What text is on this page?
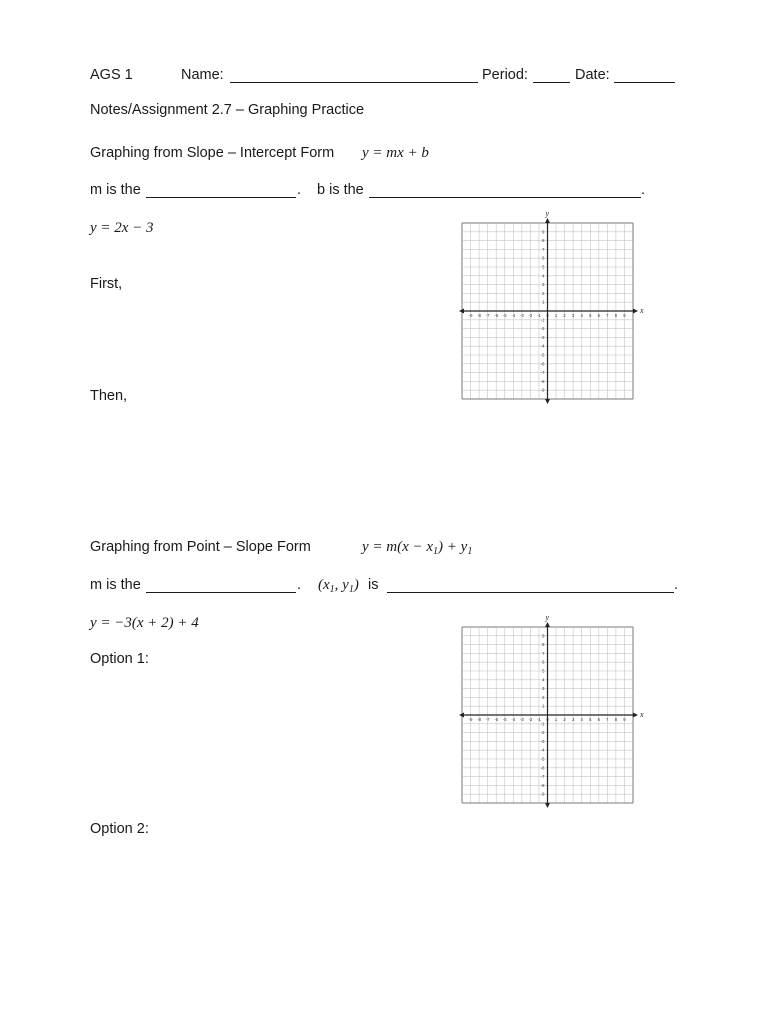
AGS 1	Name:	Period:	Date:
Notes/Assignment 2.7 – Graphing Practice
Graphing from Slope – Intercept Form y = mx + b
m is the	. b is the	.
y = 2x − 3
First,
Then,
x
y
-9 -8 -7 -6 -5 -4 -3 -2 -1 0 1 2 3 4 5 6 7 8 9
9
8
7
6
5
4
3
2
1
-1
-2
-3
-4
-5
-6
-7
-8
-9
Graphing from Point – Slope Form	$y = m(x - x_1) + y_1$
m is the	. ($x_1$, $y_1$) is	.
y = −3(x + 2) + 4
Option 1:
Option 2:
x
y
-9 -8 -7 -6 -5 -4 -3 -2 -1 0 1 2 3 4 5 6 7 8 9
9
8
7
6
5
4
3
2
1
-1
-2
-3
-4
-5
-6
-7
-8
-9
